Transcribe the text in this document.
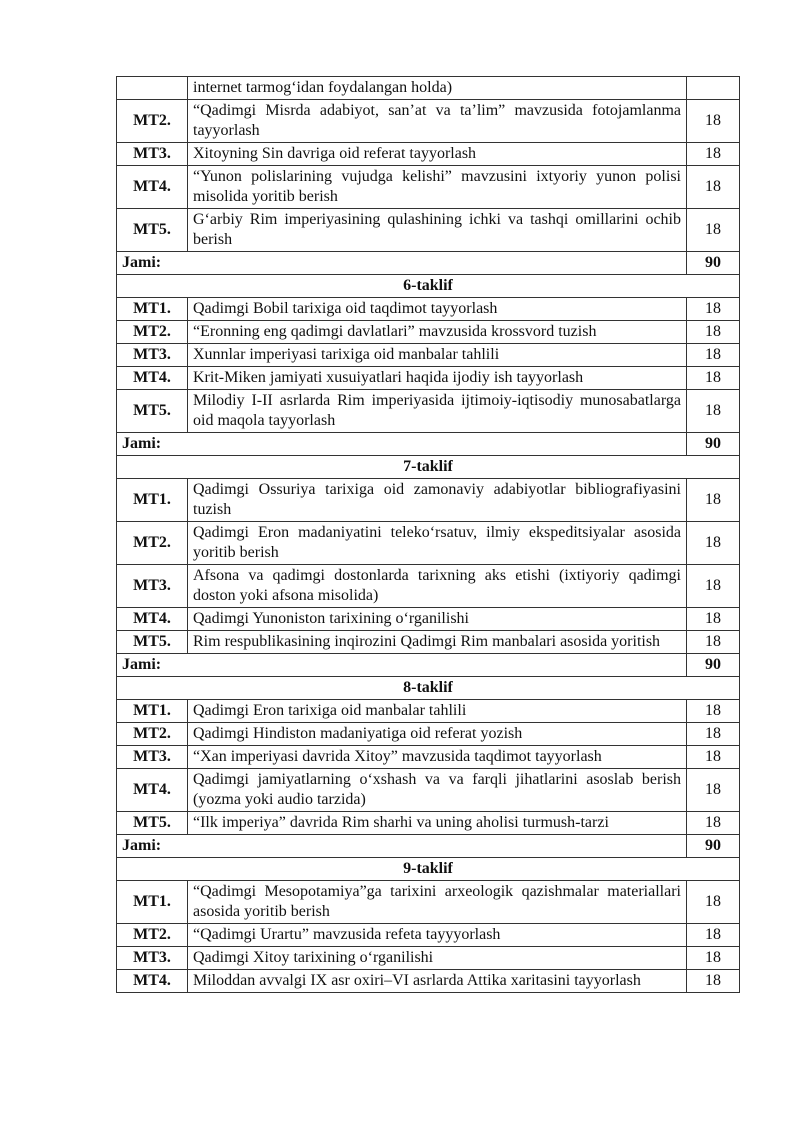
	internet tarmog‘idan foydalangan holda)	
MT2.	“Qadimgi Misrda adabiyot, san’at va ta’lim” mavzusida fotojamlanma tayyorlash	18
MT3.	Xitoyning Sin davriga oid referat tayyorlash	18
MT4.	“Yunon polislarining vujudga kelishi” mavzusini ixtyoriy yunon polisi misolida yoritib berish	18
MT5.	G‘arbiy Rim imperiyasining qulashining ichki va tashqi omillarini ochib berish	18
Jami:		90
6-taklif		
MT1.	Qadimgi Bobil tarixiga oid taqdimot tayyorlash	18
MT2.	“Eronning eng qadimgi davlatlari” mavzusida krossvord tuzish	18
MT3.	Xunnlar imperiyasi tarixiga oid manbalar tahlili	18
MT4.	Krit-Miken jamiyati xusuiyatlari haqida ijodiy ish tayyorlash	18
MT5.	Milodiy I-II asrlarda Rim imperiyasida ijtimoiy-iqtisodiy munosabatlarga oid maqola tayyorlash	18
Jami:		90
7-taklif		
MT1.	Qadimgi Ossuriya tarixiga oid zamonaviy adabiyotlar bibliografiyasini tuzish	18
MT2.	Qadimgi Eron madaniyatini teleko‘rsatuv, ilmiy ekspeditsiyalar asosida yoritib berish	18
MT3.	Afsona va qadimgi dostonlarda tarixning aks etishi (ixtiyoriy qadimgi doston yoki afsona misolida)	18
MT4.	Qadimgi Yunoniston tarixining o‘rganilishi	18
MT5.	Rim respublikasining inqirozini Qadimgi Rim manbalari asosida yoritish	18
Jami:		90
8-taklif		
MT1.	Qadimgi Eron tarixiga oid manbalar tahlili	18
MT2.	Qadimgi Hindiston madaniyatiga oid referat yozish	18
MT3.	“Xan imperiyasi davrida Xitoy” mavzusida taqdimot tayyorlash	18
MT4.	Qadimgi jamiyatlarning o‘xshash va va farqli jihatlarini asoslab berish (yozma yoki audio tarzida)	18
MT5.	“Ilk imperiya” davrida Rim sharhi va uning aholisi turmush-tarzi	18
Jami:		90
9-taklif		
MT1.	“Qadimgi Mesopotamiya”ga tarixini arxeologik qazishmalar materiallari asosida yoritib berish	18
MT2.	“Qadimgi Urartu” mavzusida refeta tayyyorlash	18
MT3.	Qadimgi Xitoy tarixining o‘rganilishi	18
MT4.	Miloddan avvalgi IX asr oxiri–VI asrlarda Attika xaritasini tayyorlash	18
